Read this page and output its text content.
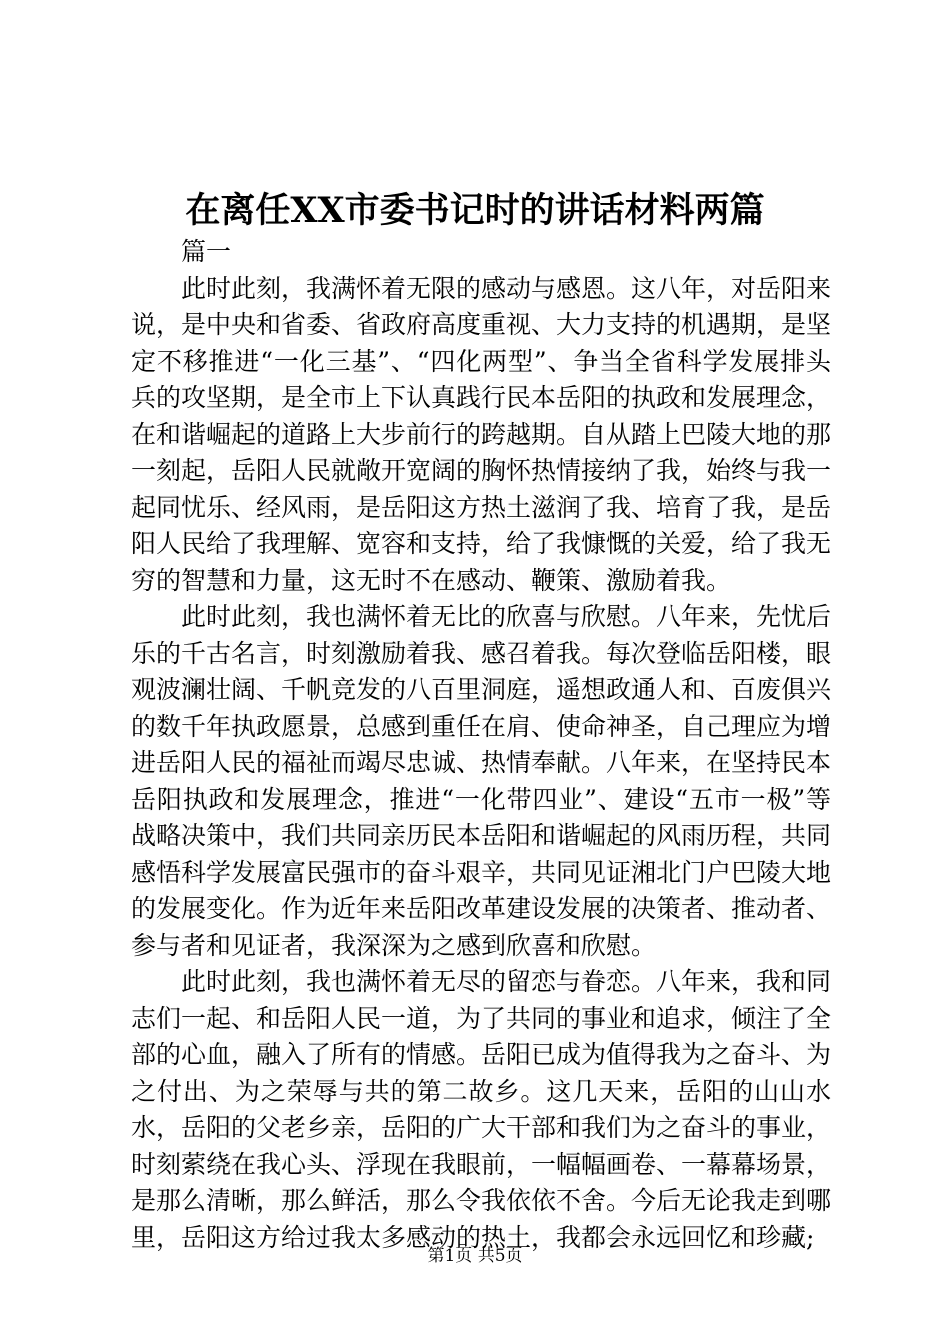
在离任XX市委书记时的讲话材料两篇

篇一

此时此刻，我满怀着无限的感动与感恩。这八年，对岳阳来说，是中央和省委、省政府高度重视、大力支持的机遇期，是坚定不移推进“一化三基”、“四化两型”、争当全省科学发展排头兵的攻坚期，是全市上下认真践行民本岳阳的执政和发展理念，在和谐崛起的道路上大步前行的跨越期。自从踏上巴陵大地的那一刻起，岳阳人民就敞开宽阔的胸怀热情接纳了我，始终与我一起同忧乐、经风雨，是岳阳这方热土滋润了我、培育了我，是岳阳人民给了我理解、宽容和支持，给了我慷慨的关爱，给了我无穷的智慧和力量，这无时不在感动、鞭策、激励着我。

此时此刻，我也满怀着无比的欣喜与欣慰。八年来，先忧后乐的千古名言，时刻激励着我、感召着我。每次登临岳阳楼，眼观波澜壮阔、千帆竞发的八百里洞庭，遥想政通人和、百废俱兴的数千年执政愿景，总感到重任在肩、使命神圣，自己理应为增进岳阳人民的福祉而竭尽忠诚、热情奉献。八年来，在坚持民本岳阳执政和发展理念，推进“一化带四业”、建设“五市一极”等战略决策中，我们共同亲历民本岳阳和谐崛起的风雨历程，共同感悟科学发展富民强市的奋斗艰辛，共同见证湘北门户巴陵大地的发展变化。作为近年来岳阳改革建设发展的决策者、推动者、参与者和见证者，我深深为之感到欣喜和欣慰。

此时此刻，我也满怀着无尽的留恋与眷恋。八年来，我和同志们一起、和岳阳人民一道，为了共同的事业和追求，倾注了全部的心血，融入了所有的情感。岳阳已成为值得我为之奋斗、为之付出、为之荣辱与共的第二故乡。这几天来，岳阳的山山水水，岳阳的父老乡亲，岳阳的广大干部和我们为之奋斗的事业，时刻萦绕在我心头、浮现在我眼前，一幅幅画卷、一幕幕场景，是那么清晰，那么鲜活，那么令我依依不舍。今后无论我走到哪里，岳阳这方给过我太多感动的热土，我都会永远回忆和珍藏;

第1页 共5页
